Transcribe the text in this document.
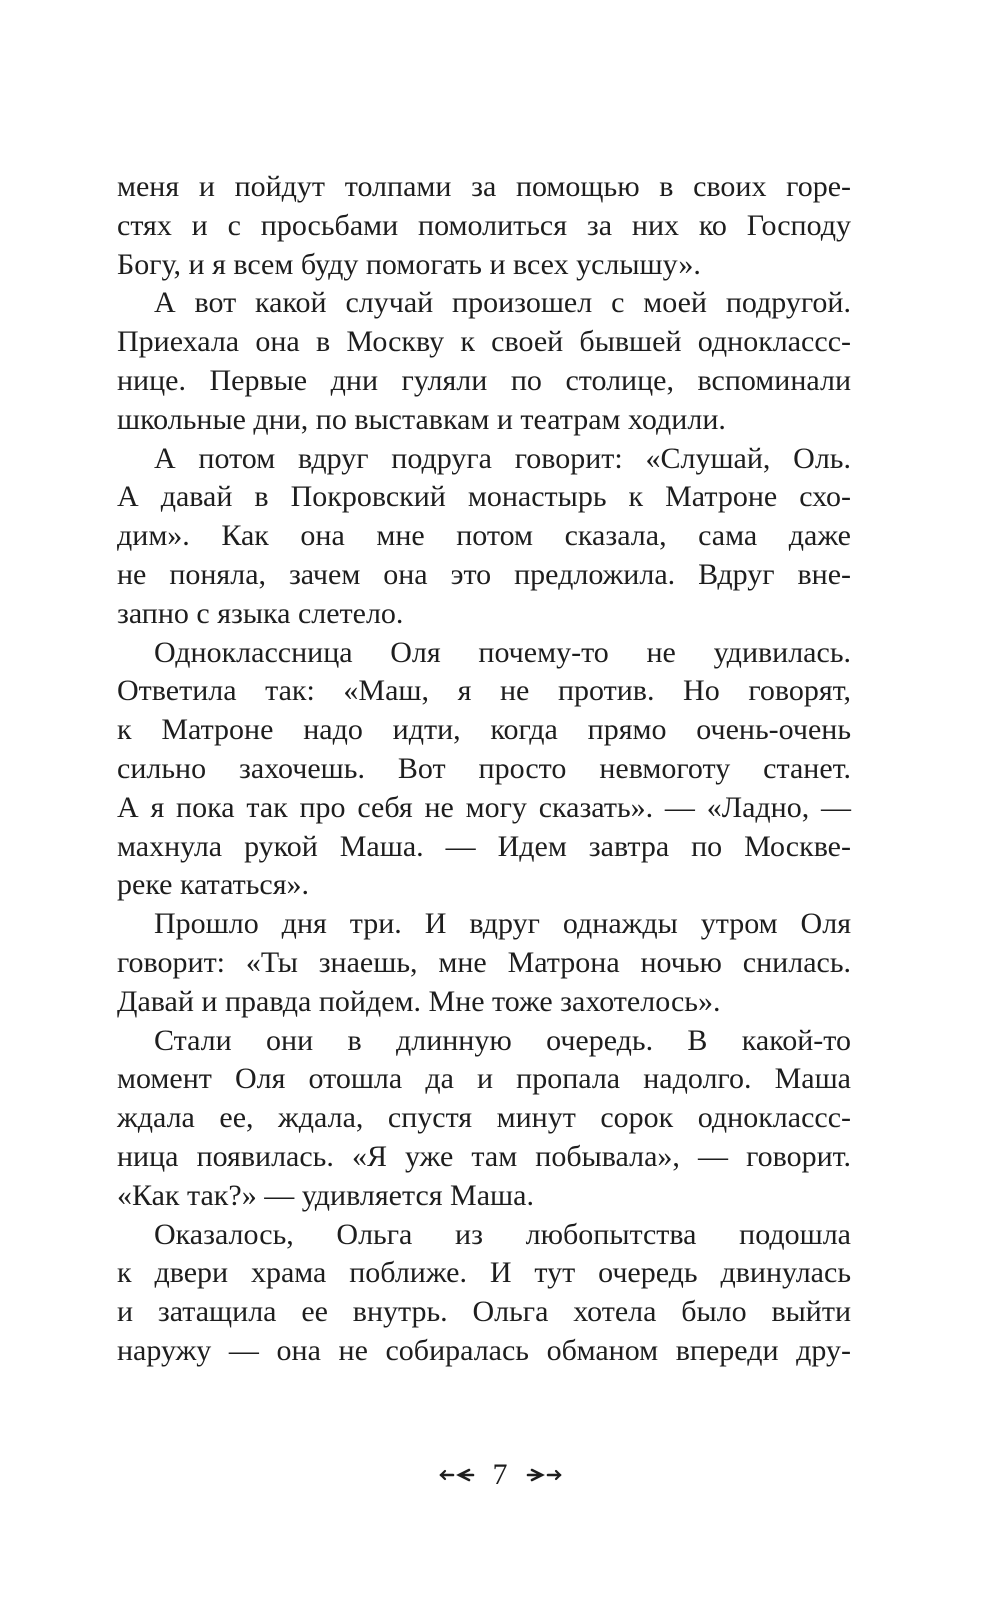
меня и пойдут толпами за помощью в своих горе-
стях и с просьбами помолиться за них ко Господу
Богу, и я всем буду помогать и всех услышу».
А вот какой случай произошел с моей подругой.
Приехала она в Москву к своей бывшей одноклассс-
нице. Первые дни гуляли по столице, вспоминали
школьные дни, по выставкам и театрам ходили.
А потом вдруг подруга говорит: «Слушай, Оль.
А давай в Покровский монастырь к Матроне схо-
дим». Как она мне потом сказала, сама даже
не поняла, зачем она это предложила. Вдруг вне-
запно с языка слетело.
Одноклассница Оля почему-то не удивилась.
Ответила так: «Маш, я не против. Но говорят,
к Матроне надо идти, когда прямо очень-очень
сильно захочешь. Вот просто невмоготу станет.
А я пока так про себя не могу сказать». — «Ладно, —
махнула рукой Маша. — Идем завтра по Москве-
реке кататься».
Прошло дня три. И вдруг однажды утром Оля
говорит: «Ты знаешь, мне Матрона ночью снилась.
Давай и правда пойдем. Мне тоже захотелось».
Стали они в длинную очередь. В какой-то
момент Оля отошла да и пропала надолго. Маша
ждала ее, ждала, спустя минут сорок одноклассс-
ница появилась. «Я уже там побывала», — говорит.
«Как так?» — удивляется Маша.
Оказалось, Ольга из любопытства подошла
к двери храма поближе. И тут очередь двинулась
и затащила ее внутрь. Ольга хотела было выйти
наружу — она не собиралась обманом впереди дру-
7
